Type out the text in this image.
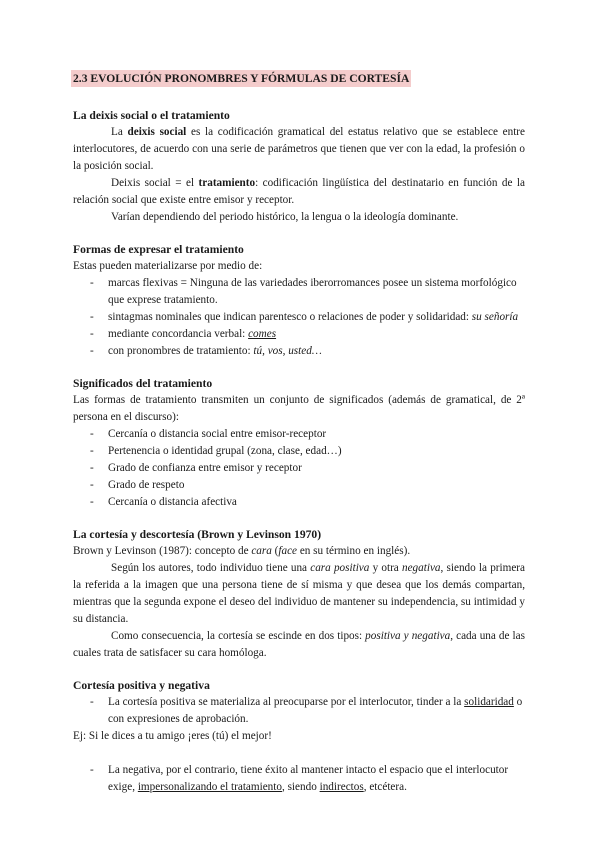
2.3 EVOLUCIÓN PRONOMBRES Y FÓRMULAS DE CORTESÍA
La deixis social o el tratamiento

La deixis social es la codificación gramatical del estatus relativo que se establece entre interlocutores, de acuerdo con una serie de parámetros que tienen que ver con la edad, la profesión o la posición social.

Deixis social = el tratamiento: codificación lingüística del destinatario en función de la relación social que existe entre emisor y receptor.

Varían dependiendo del periodo histórico, la lengua o la ideología dominante.

Formas de expresar el tratamiento

Estas pueden materializarse por medio de:

- marcas flexivas = Ninguna de las variedades iberorromances posee un sistema morfológico que exprese tratamiento.
- sintagmas nominales que indican parentesco o relaciones de poder y solidaridad: su señoría
- mediante concordancia verbal: comes
- con pronombres de tratamiento: tú, vos, usted…
Significados del tratamiento

Las formas de tratamiento transmiten un conjunto de significados (además de gramatical, de 2ª persona en el discurso):

- Cercanía o distancia social entre emisor-receptor
- Pertenencia o identidad grupal (zona, clase, edad…)
- Grado de confianza entre emisor y receptor
- Grado de respeto
- Cercanía o distancia afectiva
La cortesía y descortesía (Brown y Levinson 1970)

Brown y Levinson (1987): concepto de cara (face en su término en inglés).

Según los autores, todo individuo tiene una cara positiva y otra negativa, siendo la primera la referida a la imagen que una persona tiene de sí misma y que desea que los demás compartan, mientras que la segunda expone el deseo del individuo de mantener su independencia, su intimidad y su distancia.

Como consecuencia, la cortesía se escinde en dos tipos: positiva y negativa, cada una de las cuales trata de satisfacer su cara homóloga.

Cortesía positiva y negativa
- La cortesía positiva se materializa al preocuparse por el interlocutor, tinder a la solidaridad o con expresiones de aprobación.

Ej: Si le dices a tu amigo ¡eres (tú) el mejor!

- La negativa, por el contrario, tiene éxito al mantener intacto el espacio que el interlocutor exige, impersonalizando el tratamiento, siendo indirectos, etcétera.
